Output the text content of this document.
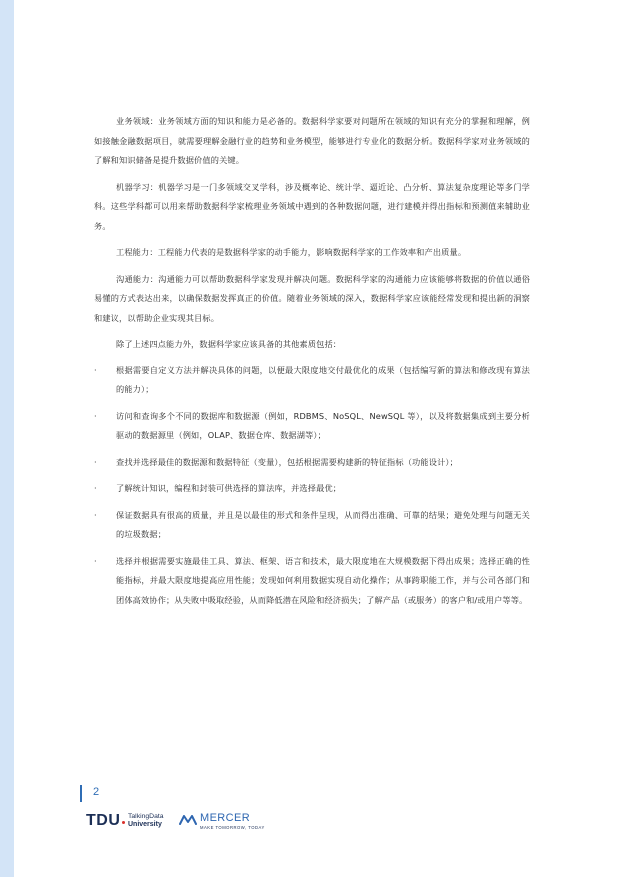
业务领域：业务领域方面的知识和能力是必备的。数据科学家要对问题所在领域的知识有充分的掌握和理解，例如接触金融数据项目，就需要理解金融行业的趋势和业务模型，能够进行专业化的数据分析。数据科学家对业务领域的了解和知识储备是提升数据价值的关键。

机器学习：机器学习是一门多领域交叉学科，涉及概率论、统计学、逼近论、凸分析、算法复杂度理论等多门学科。这些学科都可以用来帮助数据科学家梳理业务领域中遇到的各种数据问题，进行建模并得出指标和预测值来辅助业务。

工程能力：工程能力代表的是数据科学家的动手能力，影响数据科学家的工作效率和产出质量。

沟通能力：沟通能力可以帮助数据科学家发现并解决问题。数据科学家的沟通能力应该能够将数据的价值以通俗易懂的方式表达出来，以确保数据发挥真正的价值。随着业务领域的深入，数据科学家应该能经常发现和提出新的洞察和建议，以帮助企业实现其目标。

除了上述四点能力外，数据科学家应该具备的其他素质包括：

· 根据需要自定义方法并解决具体的问题，以便最大限度地交付最优化的成果（包括编写新的算法和修改现有算法的能力）；
· 访问和查询多个不同的数据库和数据源（例如，RDBMS、NoSQL、NewSQL 等），以及将数据集成到主要分析驱动的数据源里（例如，OLAP、数据仓库、数据湖等）；
· 查找并选择最佳的数据源和数据特征（变量），包括根据需要构建新的特征指标（功能设计）；
· 了解统计知识，编程和封装可供选择的算法库，并选择最优；
· 保证数据具有很高的质量，并且是以最佳的形式和条件呈现，从而得出准确、可靠的结果；避免处理与问题无关的垃圾数据；
· 选择并根据需要实施最佳工具、算法、框架、语言和技术，最大限度地在大规模数据下得出成果；选择正确的性能指标，并最大限度地提高应用性能；发现如何利用数据实现自动化操作；从事跨职能工作，并与公司各部门和团体高效协作；从失败中吸取经验，从而降低潜在风险和经济损失；了解产品（或服务）的客户和/或用户等等。
2
TDU TalkingData
University
MERCER
MAKE TOMORROW, TODAY
